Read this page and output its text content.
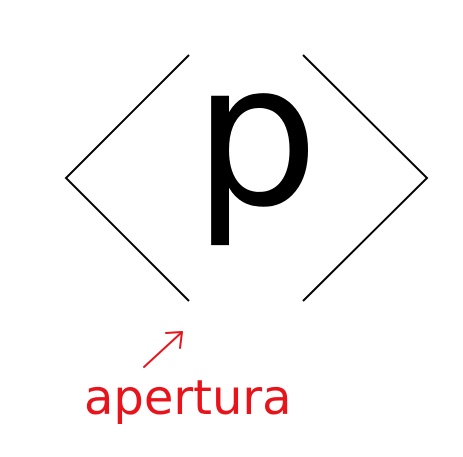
p
apertura
